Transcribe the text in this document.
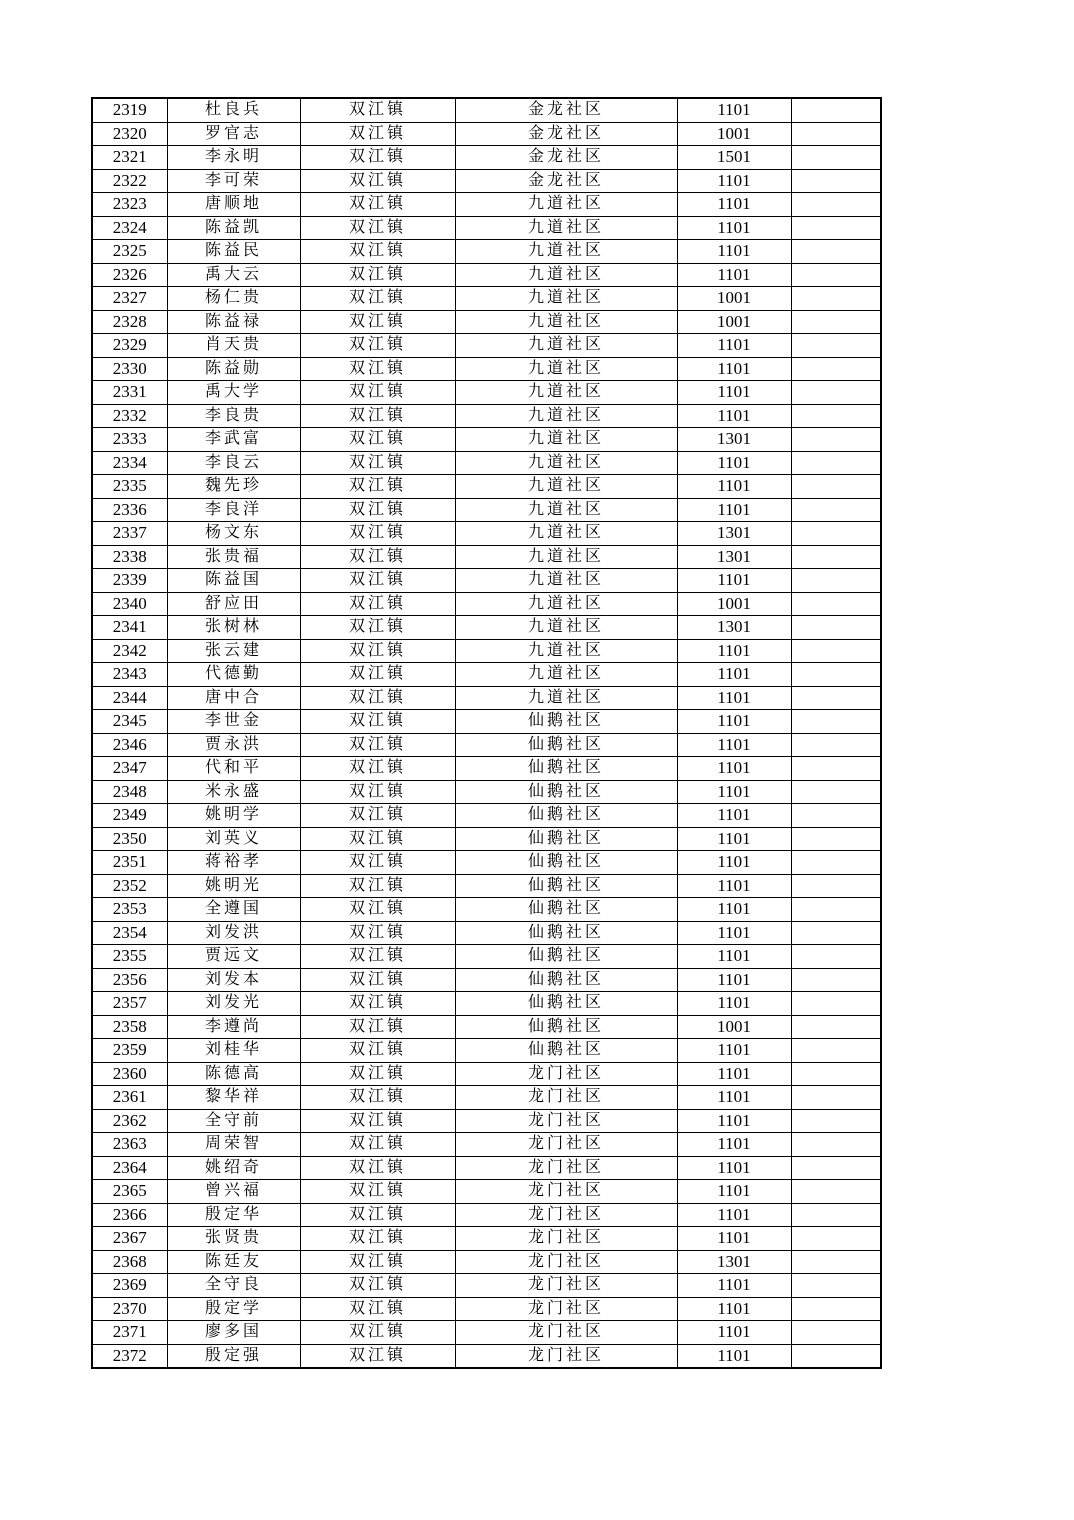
2319	杜良兵	双江镇	金龙社区	1101	
2320	罗官志	双江镇	金龙社区	1001	
2321	李永明	双江镇	金龙社区	1501	
2322	李可荣	双江镇	金龙社区	1101	
2323	唐顺地	双江镇	九道社区	1101	
2324	陈益凯	双江镇	九道社区	1101	
2325	陈益民	双江镇	九道社区	1101	
2326	禹大云	双江镇	九道社区	1101	
2327	杨仁贵	双江镇	九道社区	1001	
2328	陈益禄	双江镇	九道社区	1001	
2329	肖天贵	双江镇	九道社区	1101	
2330	陈益勋	双江镇	九道社区	1101	
2331	禹大学	双江镇	九道社区	1101	
2332	李良贵	双江镇	九道社区	1101	
2333	李武富	双江镇	九道社区	1301	
2334	李良云	双江镇	九道社区	1101	
2335	魏先珍	双江镇	九道社区	1101	
2336	李良洋	双江镇	九道社区	1101	
2337	杨文东	双江镇	九道社区	1301	
2338	张贵福	双江镇	九道社区	1301	
2339	陈益国	双江镇	九道社区	1101	
2340	舒应田	双江镇	九道社区	1001	
2341	张树林	双江镇	九道社区	1301	
2342	张云建	双江镇	九道社区	1101	
2343	代德勤	双江镇	九道社区	1101	
2344	唐中合	双江镇	九道社区	1101	
2345	李世金	双江镇	仙鹅社区	1101	
2346	贾永洪	双江镇	仙鹅社区	1101	
2347	代和平	双江镇	仙鹅社区	1101	
2348	米永盛	双江镇	仙鹅社区	1101	
2349	姚明学	双江镇	仙鹅社区	1101	
2350	刘英义	双江镇	仙鹅社区	1101	
2351	蒋裕孝	双江镇	仙鹅社区	1101	
2352	姚明光	双江镇	仙鹅社区	1101	
2353	全遵国	双江镇	仙鹅社区	1101	
2354	刘发洪	双江镇	仙鹅社区	1101	
2355	贾远文	双江镇	仙鹅社区	1101	
2356	刘发本	双江镇	仙鹅社区	1101	
2357	刘发光	双江镇	仙鹅社区	1101	
2358	李遵尚	双江镇	仙鹅社区	1001	
2359	刘桂华	双江镇	仙鹅社区	1101	
2360	陈德高	双江镇	龙门社区	1101	
2361	黎华祥	双江镇	龙门社区	1101	
2362	全守前	双江镇	龙门社区	1101	
2363	周荣智	双江镇	龙门社区	1101	
2364	姚绍奇	双江镇	龙门社区	1101	
2365	曾兴福	双江镇	龙门社区	1101	
2366	殷定华	双江镇	龙门社区	1101	
2367	张贤贵	双江镇	龙门社区	1101	
2368	陈廷友	双江镇	龙门社区	1301	
2369	全守良	双江镇	龙门社区	1101	
2370	殷定学	双江镇	龙门社区	1101	
2371	廖多国	双江镇	龙门社区	1101	
2372	殷定强	双江镇	龙门社区	1101	
